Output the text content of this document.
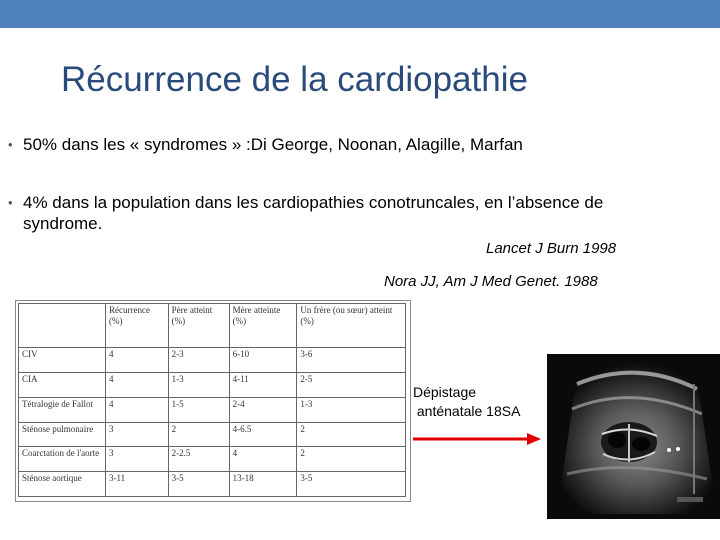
Récurrence de la cardiopathie
• 50% dans les « syndromes » :Di George, Noonan, Alagille, Marfan
• 4% dans la population dans les cardiopathies conotruncales, en l’absence de syndrome.
Lancet J Burn 1998
Nora JJ, Am J Med Genet. 1988
	Récurrence (%)	Père atteint (%)	Mère atteinte (%)	Un frère (ou sœur) atteint (%)
CIV	4	2-3	6-10	3-6
CIA	4	1-3	4-11	2-5
Tétralogie de Fallot	4	1-5	2-4	1-3
Sténose pulmonaire	3	2	4-6.5	2
Coarctation de l'aorte	3	2-2.5	4	2
Sténose aortique	3-11	3-5	13-18	3-5
Dépistage
anténatale 18SA
